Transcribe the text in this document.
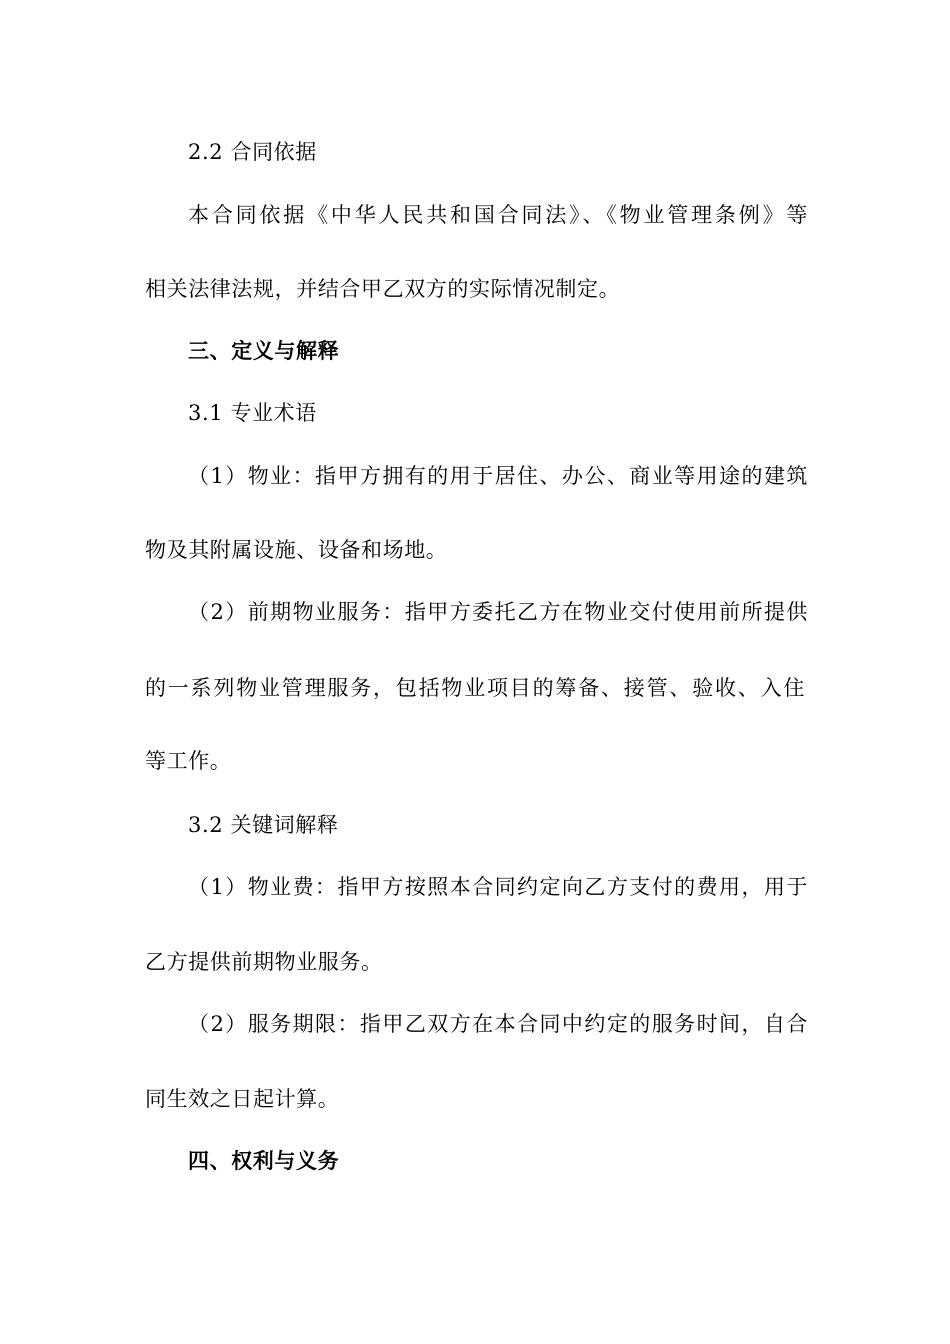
2.2 合同依据
本合同依据《中华人民共和国合同法》、《物业管理条例》等
相关法律法规，并结合甲乙双方的实际情况制定。
三、定义与解释
3.1 专业术语
（1）物业：指甲方拥有的用于居住、办公、商业等用途的建筑
物及其附属设施、设备和场地。
（2）前期物业服务：指甲方委托乙方在物业交付使用前所提供
的一系列物业管理服务，包括物业项目的筹备、接管、验收、入住
等工作。
3.2 关键词解释
（1）物业费：指甲方按照本合同约定向乙方支付的费用，用于
乙方提供前期物业服务。
（2）服务期限：指甲乙双方在本合同中约定的服务时间，自合
同生效之日起计算。
四、权利与义务
